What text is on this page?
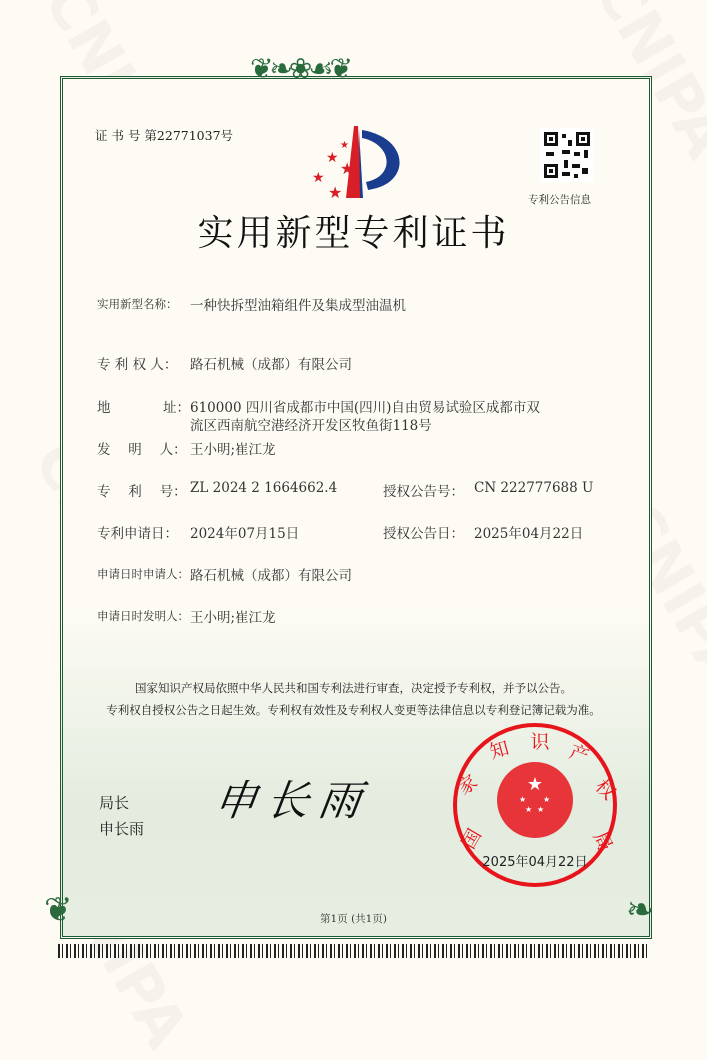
❦❧❀☙❦
❦	❧
证 书 号 第22771037号
★
★
★
★
★	专利公告信息
实用新型专利证书
实用新型名称： 一种快拆型油箱组件及集成型油温机
专 利 权 人： 路石机械（成都）有限公司
地	址： 610000 四川省成都市中国(四川)自由贸易试验区成都市双
流区西南航空港经济开发区牧鱼街118号
发　 明　 人： 王小明;崔江龙
专　 利　 号： ZL 2024 2 1664662.4	授权公告号： CN 222777688 U
专利申请日： 2024年07月15日	授权公告日： 2025年04月22日
申请日时申请人： 路石机械（成都）有限公司
申请日时发明人： 王小明;崔江龙
国家知识产权局依照中华人民共和国专利法进行审查，决定授予专利权，并予以公告。
专利权自授权公告之日起生效。专利权有效性及专利权人变更等法律信息以专利登记簿记载为准。
局长
申长雨
申长雨	★
★ ★
★ ★
国
家
知 识 产
权
局
2025年04月22日
第1页 (共1页)
